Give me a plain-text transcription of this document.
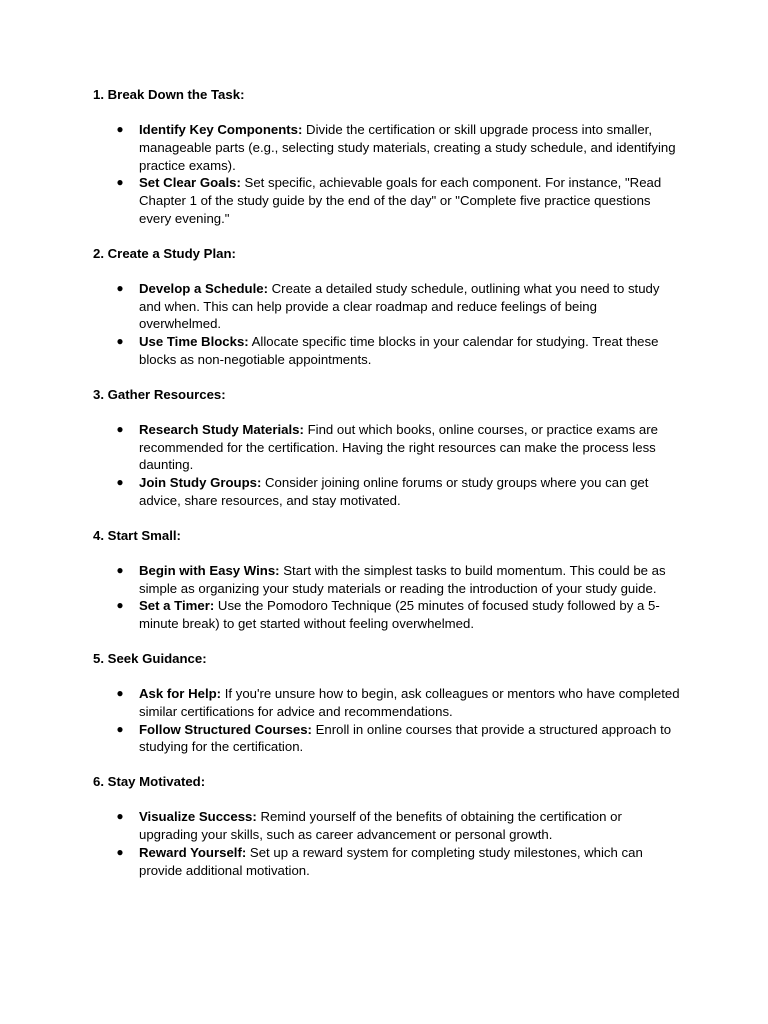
1. Break Down the Task:
● Identify Key Components: Divide the certification or skill upgrade process into smaller, manageable parts (e.g., selecting study materials, creating a study schedule, and identifying practice exams).
● Set Clear Goals: Set specific, achievable goals for each component. For instance, "Read Chapter 1 of the study guide by the end of the day" or "Complete five practice questions every evening."
2. Create a Study Plan:
● Develop a Schedule: Create a detailed study schedule, outlining what you need to study and when. This can help provide a clear roadmap and reduce feelings of being overwhelmed.
● Use Time Blocks: Allocate specific time blocks in your calendar for studying. Treat these blocks as non-negotiable appointments.
3. Gather Resources:
● Research Study Materials: Find out which books, online courses, or practice exams are recommended for the certification. Having the right resources can make the process less daunting.
● Join Study Groups: Consider joining online forums or study groups where you can get advice, share resources, and stay motivated.
4. Start Small:
● Begin with Easy Wins: Start with the simplest tasks to build momentum. This could be as simple as organizing your study materials or reading the introduction of your study guide.
● Set a Timer: Use the Pomodoro Technique (25 minutes of focused study followed by a 5-minute break) to get started without feeling overwhelmed.
5. Seek Guidance:
● Ask for Help: If you're unsure how to begin, ask colleagues or mentors who have completed similar certifications for advice and recommendations.
● Follow Structured Courses: Enroll in online courses that provide a structured approach to studying for the certification.
6. Stay Motivated:
● Visualize Success: Remind yourself of the benefits of obtaining the certification or upgrading your skills, such as career advancement or personal growth.
● Reward Yourself: Set up a reward system for completing study milestones, which can provide additional motivation.
